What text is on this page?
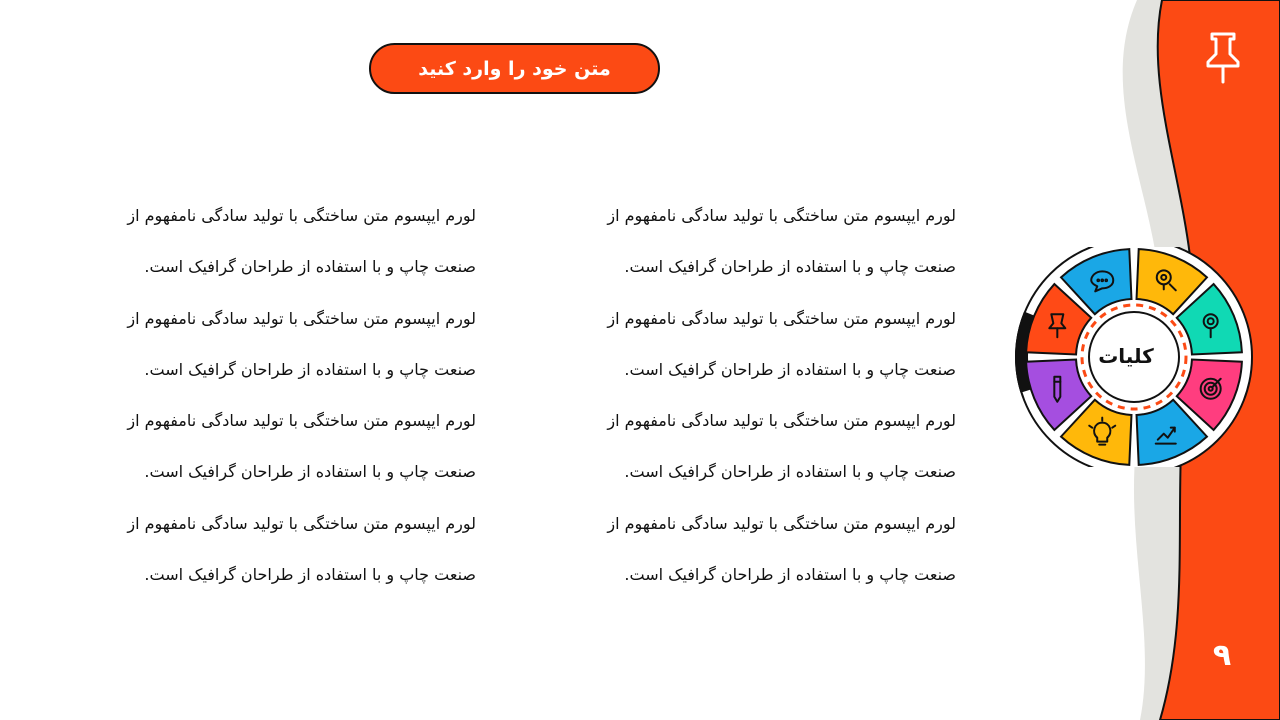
متن خود را وارد کنید

لورم ایپسوم متن ساختگی با تولید سادگی نامفهوم از

صنعت چاپ و با استفاده از طراحان گرافیک است.

لورم ایپسوم متن ساختگی با تولید سادگی نامفهوم از

صنعت چاپ و با استفاده از طراحان گرافیک است.

لورم ایپسوم متن ساختگی با تولید سادگی نامفهوم از

صنعت چاپ و با استفاده از طراحان گرافیک است.

لورم ایپسوم متن ساختگی با تولید سادگی نامفهوم از

صنعت چاپ و با استفاده از طراحان گرافیک است.

لورم ایپسوم متن ساختگی با تولید سادگی نامفهوم از

صنعت چاپ و با استفاده از طراحان گرافیک است.

لورم ایپسوم متن ساختگی با تولید سادگی نامفهوم از

صنعت چاپ و با استفاده از طراحان گرافیک است.

لورم ایپسوم متن ساختگی با تولید سادگی نامفهوم از

صنعت چاپ و با استفاده از طراحان گرافیک است.

لورم ایپسوم متن ساختگی با تولید سادگی نامفهوم از

صنعت چاپ و با استفاده از طراحان گرافیک است.

۹
کلیات
